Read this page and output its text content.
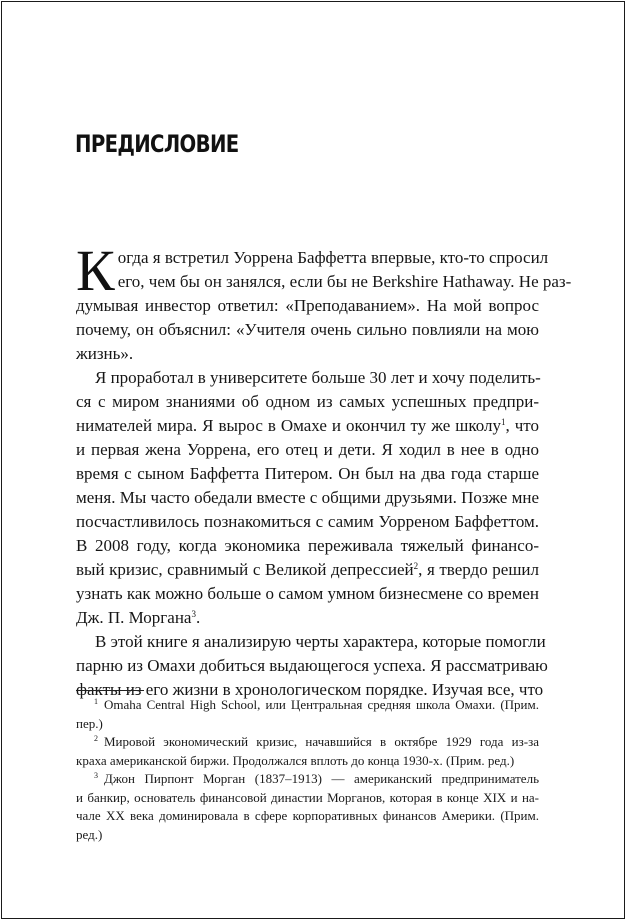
ПРЕДИСЛОВИЕ
К огда я встретил Уоррена Баффетта впервые, кто-то спросил
его, чем бы он занялся, если бы не Berkshire Hathaway. Не раз-
думывая инвестор ответил: «Преподаванием». На мой вопрос
почему, он объяснил: «Учителя очень сильно повлияли на мою
жизнь».
Я проработал в университете больше 30 лет и хочу поделить-
ся с миром знаниями об одном из самых успешных предпри-
нимателей мира. Я вырос в Омахе и окончил ту же школу$^1$, что
и первая жена Уоррена, его отец и дети. Я ходил в нее в одно
время с сыном Баффетта Питером. Он был на два года старше
меня. Мы часто обедали вместе с общими друзьями. Позже мне
посчастливилось познакомиться с самим Уорреном Баффеттом.
В 2008 году, когда экономика переживала тяжелый финансо-
вый кризис, сравнимый с Великой депрессией$^2$, я твердо решил
узнать как можно больше о самом умном бизнесмене со времен
Дж. П. Моргана$^3$.
В этой книге я анализирую черты характера, которые помогли
парню из Омахи добиться выдающегося успеха. Я рассматриваю
факты из его жизни в хронологическом порядке. Изучая все, что
$^1$ Omaha Central High School, или Центральная средняя школа Омахи. (Прим.
пер.)
$^2$ Мировой экономический кризис, начавшийся в октябре 1929 года из-за
краха американской биржи. Продолжался вплоть до конца 1930-х. (Прим. ред.)
$^3$ Джон Пирпонт Морган (1837–1913) — американский предприниматель
и банкир, основатель финансовой династии Морганов, которая в конце XIX и на-
чале XX века доминировала в сфере корпоративных финансов Америки. (Прим.
ред.)
